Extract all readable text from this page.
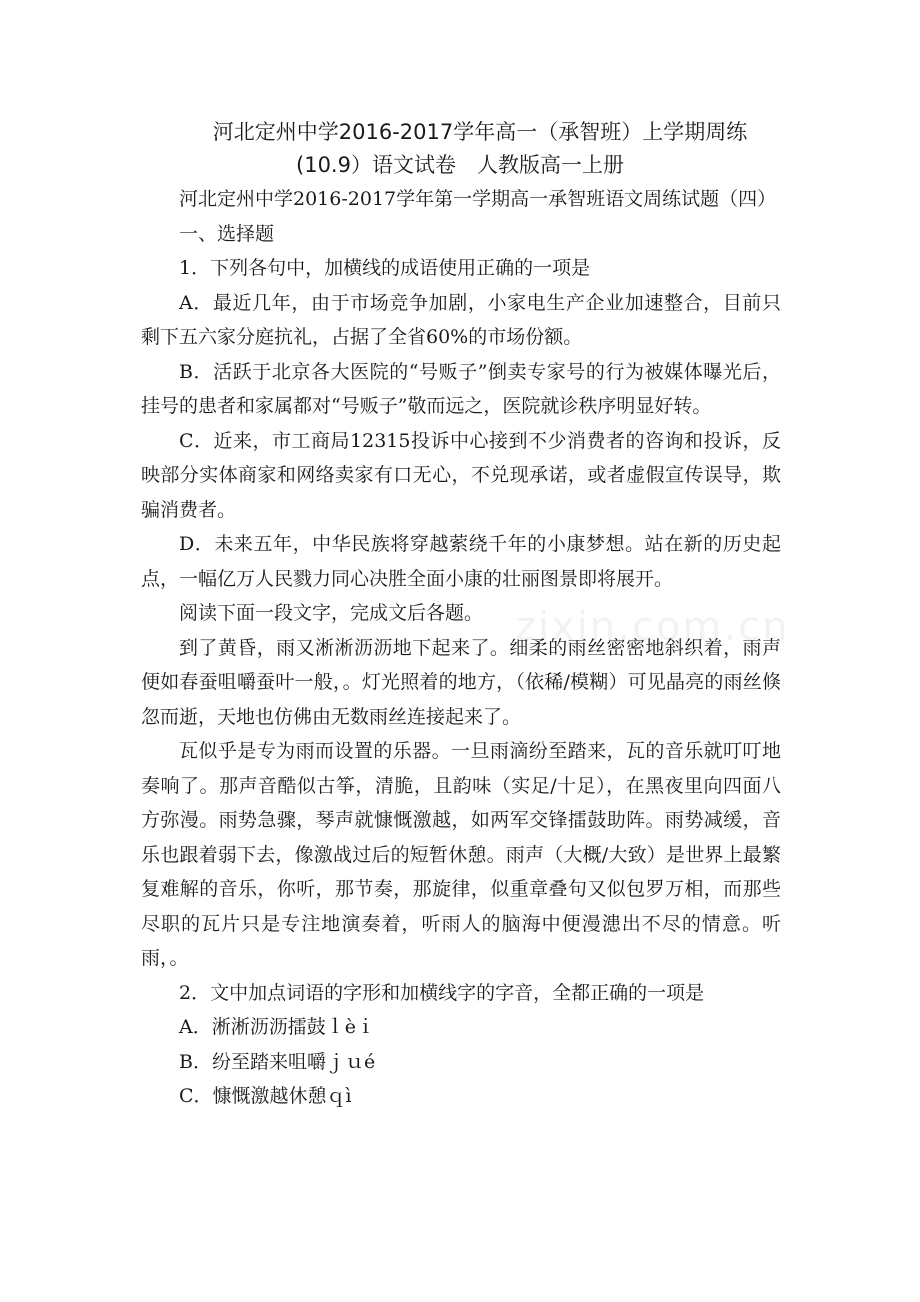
河北定州中学2016-2017学年高一（承智班）上学期周练
(10.9）语文试卷　人教版高一上册

河北定州中学2016-2017学年第一学期高一承智班语文周练试题（四）

一、选择题

1．下列各句中，加横线的成语使用正确的一项是

A．最近几年，由于市场竞争加剧，小家电生产企业加速整合，目前只剩下五六家分庭抗礼，占据了全省60%的市场份额。

B．活跃于北京各大医院的“号贩子”倒卖专家号的行为被媒体曝光后，挂号的患者和家属都对“号贩子”敬而远之，医院就诊秩序明显好转。

C．近来，市工商局12315投诉中心接到不少消费者的咨询和投诉，反映部分实体商家和网络卖家有口无心，不兑现承诺，或者虚假宣传误导，欺骗消费者。

D．未来五年，中华民族将穿越萦绕千年的小康梦想。站在新的历史起点，一幅亿万人民戮力同心决胜全面小康的壮丽图景即将展开。

阅读下面一段文字，完成文后各题。

到了黄昏，雨又淅淅沥沥地下起来了。细柔的雨丝密密地斜织着，雨声便如春蚕咀嚼蚕叶一般，。灯光照着的地方，（依稀/模糊）可见晶亮的雨丝倏忽而逝，天地也仿佛由无数雨丝连接起来了。

瓦似乎是专为雨而设置的乐器。一旦雨滴纷至踏来，瓦的音乐就叮叮地奏响了。那声音酷似古筝，清脆，且韵味（实足/十足），在黑夜里向四面八方弥漫。雨势急骤，琴声就慷慨激越，如两军交锋擂鼓助阵。雨势减缓，音乐也跟着弱下去，像激战过后的短暂休憩。雨声（大概/大致）是世界上最繁复难解的音乐，你听，那节奏，那旋律，似重章叠句又似包罗万相，而那些尽职的瓦片只是专注地演奏着，听雨人的脑海中便漫漶出不尽的情意。听雨，。

2．文中加点词语的字形和加横线字的字音，全都正确的一项是

A．淅淅沥沥擂鼓ｌèｉ

B．纷至踏来咀嚼ｊｕé

C．慷慨激越休憩ｑì

zixin.com.cn
